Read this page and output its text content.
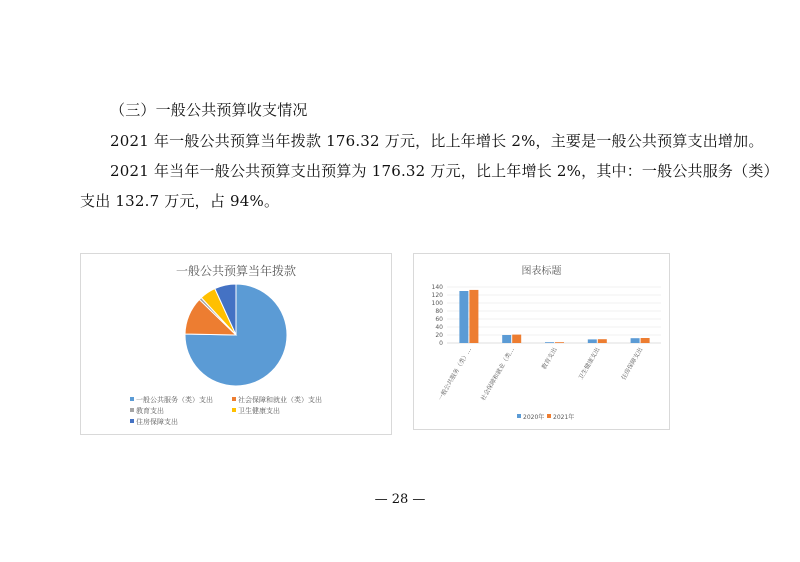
（三）一般公共预算收支情况
2021 年一般公共预算当年拨款 176.32 万元，比上年增长 2%，主要是一般公共预算支出增加。
2021 年当年一般公共预算支出预算为 176.32 万元，比上年增长 2%，其中：一般公共服务（类）
支出 132.7 万元，占 94%。
一般公共预算当年拨款
一般公共服务（类）支出	社会保障和就业（类）支出
教育支出	卫生健康支出
住房保障支出
图表标题
0
20
40
60
80
100
120
140
一般公共服务（类）… 社会保障和就业（类…	教育支出	卫生健康支出	住房保障支出
2020年 2021年
— 28 —
